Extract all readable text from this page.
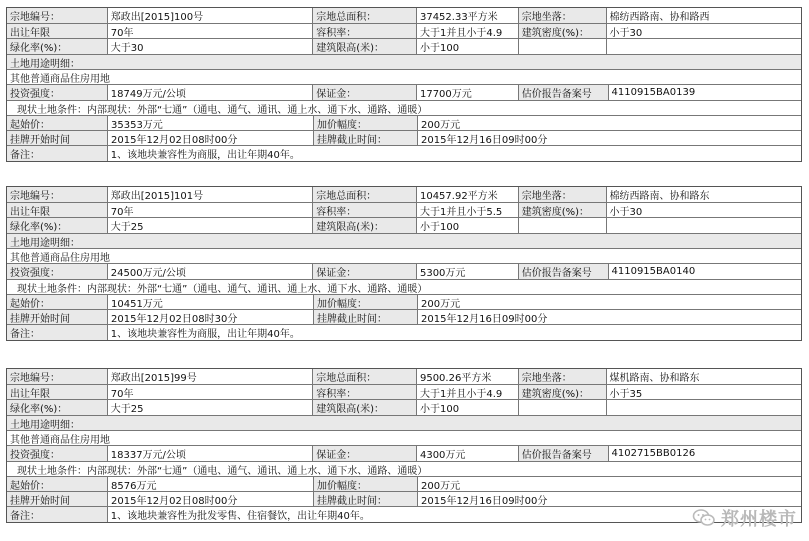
宗地编号：	郑政出[2015]100号	宗地总面积：	37452.33平方米	宗地坐落：	棉纺西路南、协和路西
出让年限	70年	容积率：	大于1并且小于4.9	建筑密度(%)：	小于30
绿化率(%)：	大于30	建筑限高(米)：	小于100
土地用途明细：
其他普通商品住房用地
投资强度：	18749万元/公顷	保证金：	17700万元	估价报告备案号	4110915BA0139
现状土地条件：内部现状：外部“七通”（通电、通气、通讯、通上水、通下水、通路、通暖）
起始价：	35353万元	加价幅度：	200万元
挂牌开始时间	2015年12月02日08时00分	挂牌截止时间：	2015年12月16日09时00分
备注：	1、该地块兼容性为商服，出让年期40年。
宗地编号：	郑政出[2015]101号	宗地总面积：	10457.92平方米	宗地坐落：	棉纺西路南、协和路东
出让年限	70年	容积率：	大于1并且小于5.5	建筑密度(%)：	小于30
绿化率(%)：	大于25	建筑限高(米)：	小于100
土地用途明细：
其他普通商品住房用地
投资强度：	24500万元/公顷	保证金：	5300万元	估价报告备案号	4110915BA0140
现状土地条件：内部现状：外部“七通”（通电、通气、通讯、通上水、通下水、通路、通暖）
起始价：	10451万元	加价幅度：	200万元
挂牌开始时间	2015年12月02日08时30分	挂牌截止时间：	2015年12月16日09时00分
备注：	1、该地块兼容性为商服，出让年期40年。
宗地编号：	郑政出[2015]99号	宗地总面积：	9500.26平方米	宗地坐落：	煤机路南、协和路东
出让年限	70年	容积率：	大于1并且小于4.9	建筑密度(%)：	小于35
绿化率(%)：	大于25	建筑限高(米)：	小于100
土地用途明细：
其他普通商品住房用地
投资强度：	18337万元/公顷	保证金：	4300万元	估价报告备案号	4102715BB0126
现状土地条件：内部现状：外部“七通”（通电、通气、通讯、通上水、通下水、通路、通暖）
起始价：	8576万元	加价幅度：	200万元
挂牌开始时间	2015年12月02日08时00分	挂牌截止时间：	2015年12月16日09时00分
备注：	1、该地块兼容性为批发零售、住宿餐饮，出让年期40年。	郑州楼市
